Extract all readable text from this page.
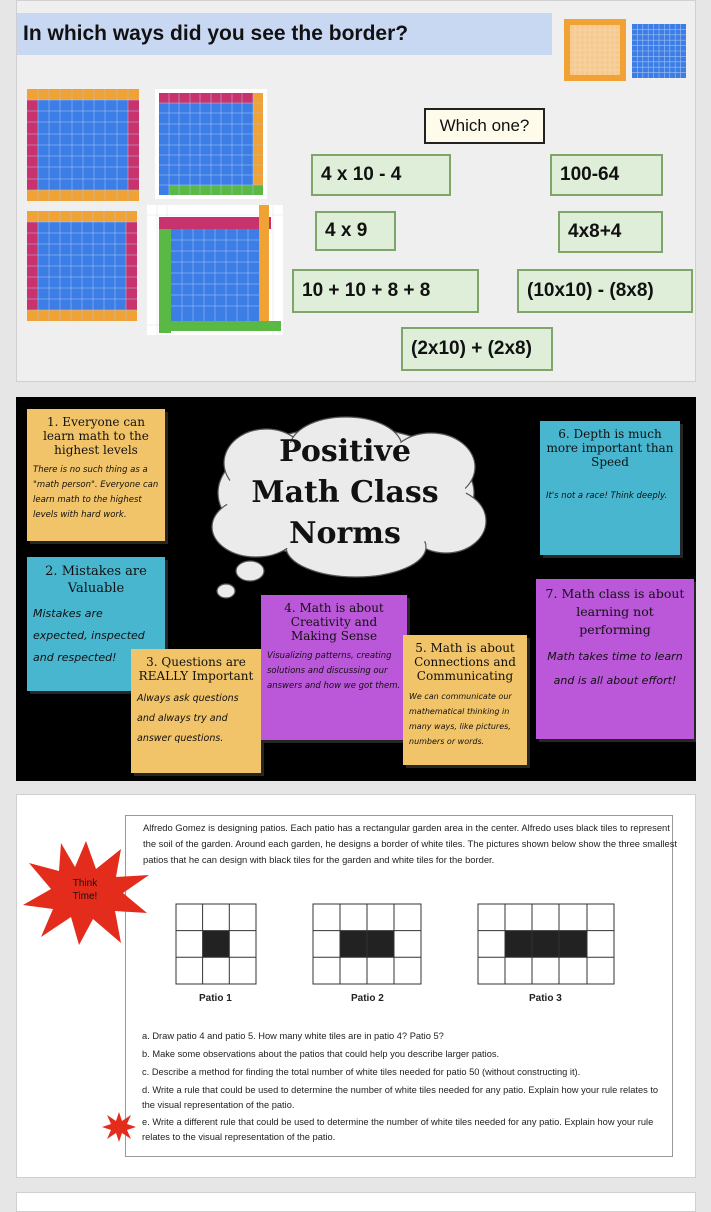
In which ways did you see the border?
Which one?
4 x 10 - 4	100-64
4 x 9	4x8+4
10 + 10 + 8 + 8	(10x10) - (8x8)
(2x10) + (2x8)
Positive
Math Class
Norms
1. Everyone can learn math to the highest levels

There is no such thing as a "math person". Everyone can learn math to the highest levels with hard work.

2. Mistakes are Valuable

Mistakes are expected, inspected and respected!	3. Questions are REALLY Important

Always ask questions and always try and answer questions.

4. Math is about Creativity and Making Sense

Visualizing patterns, creating solutions and discussing our answers and how we got them.

5. Math is about Connections and Communicating

We can communicate our mathematical thinking in many ways, like pictures, numbers or words.

6. Depth is much more important than Speed

It's not a race! Think deeply.

7. Math class is about learning not performing

Math takes time to learn and is all about effort!

Think Time!
Alfredo Gomez is designing patios. Each patio has a rectangular garden area in the center. Alfredo uses black tiles to represent the soil of the garden. Around each garden, he designs a border of white tiles. The pictures shown below show the three smallest patios that he can design with black tiles for the garden and white tiles for the border.
Patio 1	Patio 2	Patio 3
a. Draw patio 4 and patio 5. How many white tiles are in patio 4? Patio 5?
b. Make some observations about the patios that could help you describe larger patios.
c. Describe a method for finding the total number of white tiles needed for patio 50 (without constructing it).
d. Write a rule that could be used to determine the number of white tiles needed for any patio. Explain how your rule relates to the visual representation of the patio.
e. Write a different rule that could be used to determine the number of white tiles needed for any patio. Explain how your rule relates to the visual representation of the patio.
